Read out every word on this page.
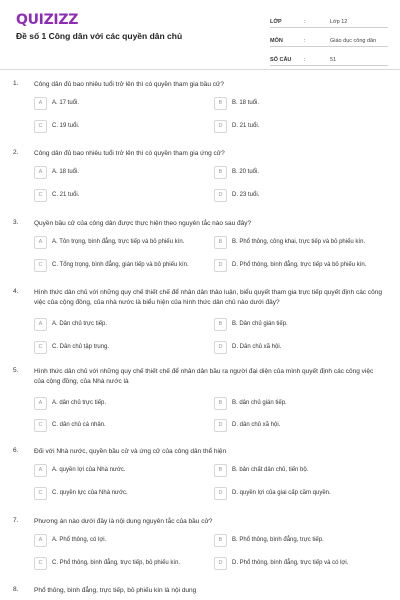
QUIZIZZ
Đề số 1 Công dân với các quyền dân chủ
LỚP	:	Lớp 12
MÔN	:	Giáo dục công dân
SỐ CÂU	:	51
1. Công dân đủ bao nhiêu tuổi trở lên thì có quyền tham gia bầu cử?
A	A. 17 tuổi.	B	B. 18 tuổi.
C	C. 19 tuổi.	D	D. 21 tuổi.
2. Công dân đủ bao nhiêu tuổi trở lên thì có quyền tham gia ứng cử?
A	A. 18 tuổi.	B	B. 20 tuổi.
C	C. 21 tuổi.	D	D. 23 tuổi.
3. Quyền bầu cử của công dân được thực hiện theo nguyên tắc nào sau đây?
A	A. Tôn trọng, bình đẳng, trực tiếp và bỏ phiếu kín.	B	B. Phổ thông, công khai, trực tiếp và bỏ phiếu kín.
C	C. Tổng trọng, bình đẳng, gián tiếp và bỏ phiếu kín.	D	D. Phổ thông, bình đẳng, trực tiếp và bỏ phiếu kín.
4. Hình thức dân chủ với những quy chế thiết chế để nhân dân thảo luận, biểu quyết tham gia trực tiếp quyết định các công việc của cộng đồng, của nhà nước là biểu hiện của hình thức dân chủ nào dưới đây?
A	A. Dân chủ trực tiếp.	B	B. Dân chủ gián tiếp.
C	C. Dân chủ tập trung.	D	D. Dân chủ xã hội.
5. Hình thức dân chủ với những quy chế thiết chế để nhân dân bầu ra người đại diện của mình quyết định các công việc của cộng đồng, của Nhà nước là
A	A. dân chủ trực tiếp.	B	B. dân chủ gián tiếp.
C	C. dân chủ cá nhân.	D	D. dân chủ xã hội.
6. Đối với Nhà nước, quyền bầu cử và ứng cử của công dân thể hiện
A	A. quyền lợi của Nhà nước.	B	B. bản chất dân chủ, tiến bộ.
C	C. quyền lực của Nhà nước.	D	D. quyền lợi của giai cấp cầm quyền.
7. Phương án nào dưới đây là nội dung nguyên tắc của bầu cử?
A	A. Phổ thông, có lợi.	B	B. Phổ thông, bình đẳng, trực tiếp.
C	C. Phổ thông, bình đẳng, trực tiếp, bỏ phiếu kín.	D	D. Phổ thông, bình đẳng, trực tiếp và có lợi.
8. Phổ thông, bình đẳng, trực tiếp, bỏ phiếu kín là nội dung
